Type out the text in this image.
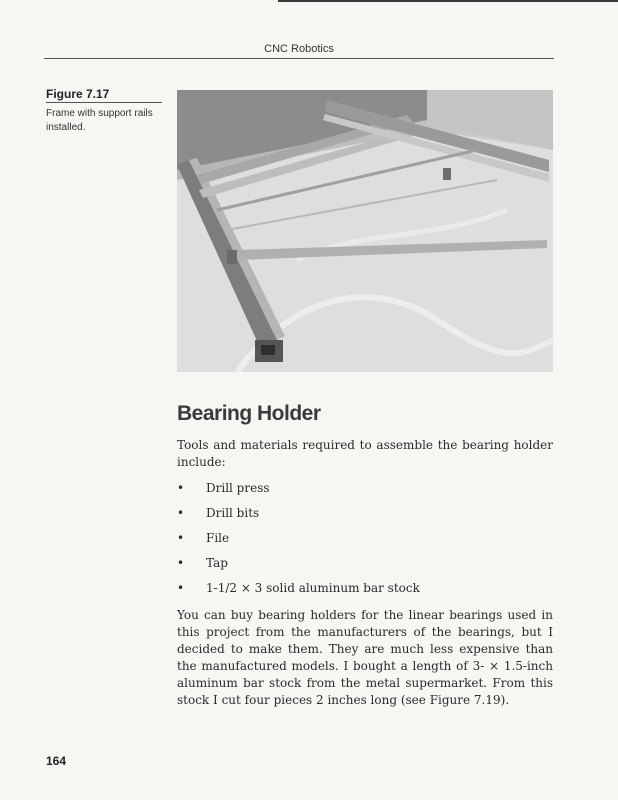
CNC Robotics
Figure 7.17
Frame with support rails installed.
Bearing Holder
Tools and materials required to assemble the bearing holder include:
• Drill press
• Drill bits
• File
• Tap
• 1-1/2 × 3 solid aluminum bar stock
You can buy bearing holders for the linear bearings used in this project from the manufacturers of the bearings, but I decided to make them. They are much less expensive than the manufactured models. I bought a length of 3- × 1.5-inch aluminum bar stock from the metal supermarket. From this stock I cut four pieces 2 inches long (see Figure 7.19).
164
